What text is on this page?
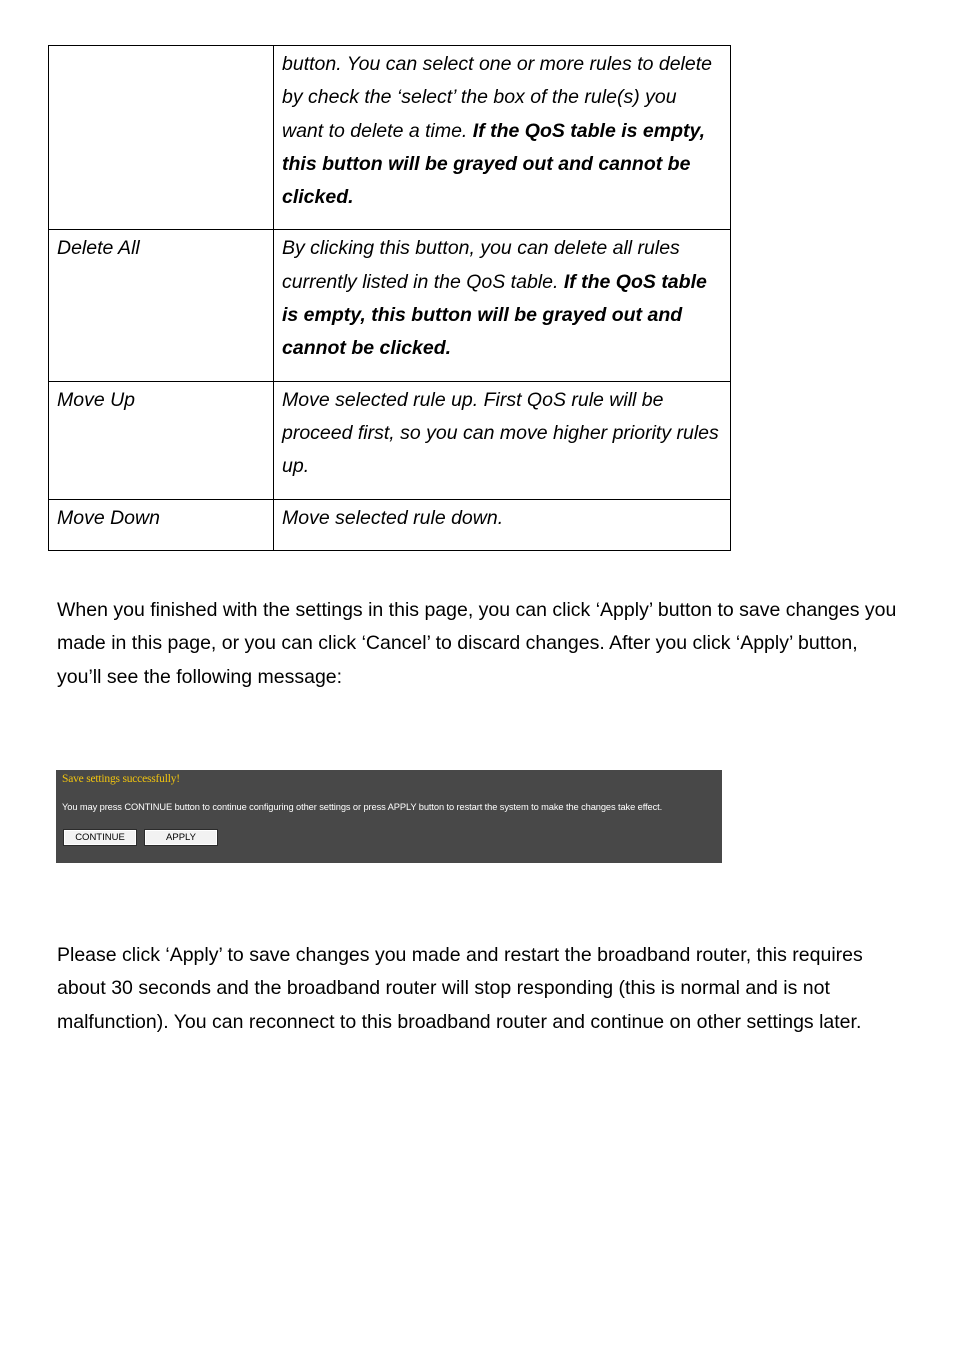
	button. You can select one or more rules to delete by check the ‘select’ the box of the rule(s) you want to delete a time. If the QoS table is empty, this button will be grayed out and cannot be clicked.
Delete All	By clicking this button, you can delete all rules currently listed in the QoS table. If the QoS table is empty, this button will be grayed out and cannot be clicked.
Move Up	Move selected rule up. First QoS rule will be proceed first, so you can move higher priority rules up.
Move Down	Move selected rule down.

When you finished with the settings in this page, you can click ‘Apply’ button to save changes you made in this page, or you can click ‘Cancel’ to discard changes. After you click ‘Apply’ button, you’ll see the following message:

Save settings successfully!
You may press CONTINUE button to continue configuring other settings or press APPLY button to restart the system to make the changes take effect.
CONTINUE	APPLY

Please click ‘Apply’ to save changes you made and restart the broadband router, this requires about 30 seconds and the broadband router will stop responding (this is normal and is not malfunction). You can reconnect to this broadband router and continue on other settings later.
